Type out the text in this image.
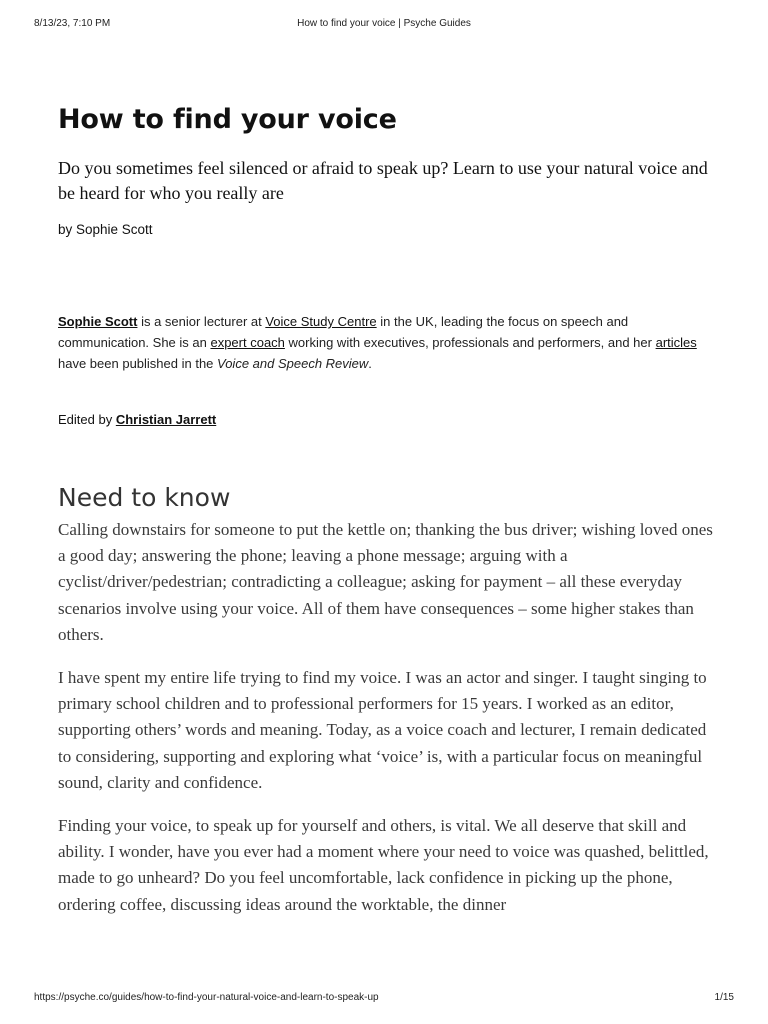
8/13/23, 7:10 PM	How to find your voice | Psyche Guides
How to find your voice

Do you sometimes feel silenced or afraid to speak up? Learn to use your natural voice and be heard for who you really are

by Sophie Scott

Sophie Scott is a senior lecturer at Voice Study Centre in the UK, leading the focus on speech and communication. She is an expert coach working with executives, professionals and performers, and her articles have been published in the Voice and Speech Review.

Edited by Christian Jarrett

Need to know

Calling downstairs for someone to put the kettle on; thanking the bus driver; wishing loved ones a good day; answering the phone; leaving a phone message; arguing with a cyclist/driver/pedestrian; contradicting a colleague; asking for payment – all these everyday scenarios involve using your voice. All of them have consequences – some higher stakes than others.

I have spent my entire life trying to find my voice. I was an actor and singer. I taught singing to primary school children and to professional performers for 15 years. I worked as an editor, supporting others’ words and meaning. Today, as a voice coach and lecturer, I remain dedicated to considering, supporting and exploring what ‘voice’ is, with a particular focus on meaningful sound, clarity and confidence.

Finding your voice, to speak up for yourself and others, is vital. We all deserve that skill and ability. I wonder, have you ever had a moment where your need to voice was quashed, belittled, made to go unheard? Do you feel uncomfortable, lack confidence in picking up the phone, ordering coffee, discussing ideas around the worktable, the dinner

https://psyche.co/guides/how-to-find-your-natural-voice-and-learn-to-speak-up	1/15
